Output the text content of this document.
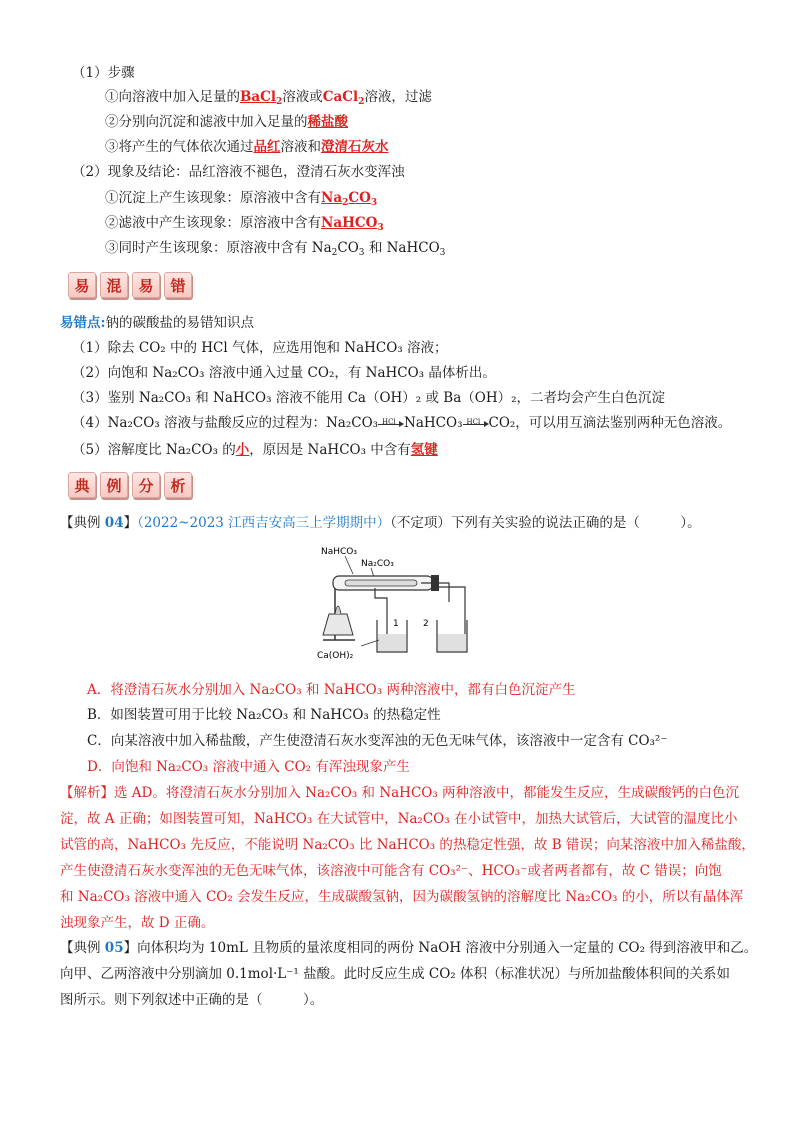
（1）步骤
①向溶液中加入足量的BaCl$_2$溶液或CaCl$_2$溶液，过滤
②分别向沉淀和滤液中加入足量的稀盐酸
③将产生的气体依次通过品红溶液和澄清石灰水
（2）现象及结论：品红溶液不褪色，澄清石灰水变浑浊
①沉淀上产生该现象：原溶液中含有$Na_2CO_3$
②滤液中产生该现象：原溶液中含有NaHCO$_3$
③同时产生该现象：原溶液中含有 $Na_2CO_3$ 和 NaHCO$_3$
易	混	易	错
易错点:钠的碳酸盐的易错知识点
（1）除去 CO₂ 中的 HCl 气体，应选用饱和 NaHCO₃ 溶液；
（2）向饱和 Na₂CO₃ 溶液中通入过量 CO₂，有 NaHCO₃ 晶体析出。
（3）鉴别 Na₂CO₃ 和 NaHCO₃ 溶液不能用 Ca（OH）₂ 或 Ba（OH）₂，二者均会产生白色沉淀
（4）Na₂CO₃ 溶液与盐酸反应的过程为：Na₂CO₃ HCl NaHCO₃ HCl CO₂，可以用互滴法鉴别两种无色溶液。
（5）溶解度比 Na₂CO₃ 的小，原因是 NaHCO₃ 中含有氢键
典	例	分	析
【典例 04】（2022~2023 江西吉安高三上学期期中）（不定项）下列有关实验的说法正确的是（　　　）。
NaHCO₃
Na₂CO₃
1	2
Ca(OH)₂
A．将澄清石灰水分别加入 Na₂CO₃ 和 NaHCO₃ 两种溶液中，都有白色沉淀产生
B．如图装置可用于比较 Na₂CO₃ 和 NaHCO₃ 的热稳定性
C．向某溶液中加入稀盐酸，产生使澄清石灰水变浑浊的无色无味气体，该溶液中一定含有 CO₃²⁻
D．向饱和 Na₂CO₃ 溶液中通入 CO₂ 有浑浊现象产生
【解析】选 AD。将澄清石灰水分别加入 Na₂CO₃ 和 NaHCO₃ 两种溶液中，都能发生反应，生成碳酸钙的白色沉
淀，故 A 正确；如图装置可知，NaHCO₃ 在大试管中，Na₂CO₃ 在小试管中，加热大试管后，大试管的温度比小
试管的高，NaHCO₃ 先反应，不能说明 Na₂CO₃ 比 NaHCO₃ 的热稳定性强，故 B 错误；向某溶液中加入稀盐酸，
产生使澄清石灰水变浑浊的无色无味气体，该溶液中可能含有 CO₃²⁻、HCO₃⁻或者两者都有，故 C 错误；向饱
和 Na₂CO₃ 溶液中通入 CO₂ 会发生反应，生成碳酸氢钠，因为碳酸氢钠的溶解度比 Na₂CO₃ 的小，所以有晶体浑
浊现象产生，故 D 正确。
【典例 05】向体积均为 10mL 且物质的量浓度相同的两份 NaOH 溶液中分别通入一定量的 CO₂ 得到溶液甲和乙。
向甲、乙两溶液中分别滴加 0.1mol·L⁻¹ 盐酸。此时反应生成 CO₂ 体积（标准状况）与所加盐酸体积间的关系如
图所示。则下列叙述中正确的是（　　　）。
